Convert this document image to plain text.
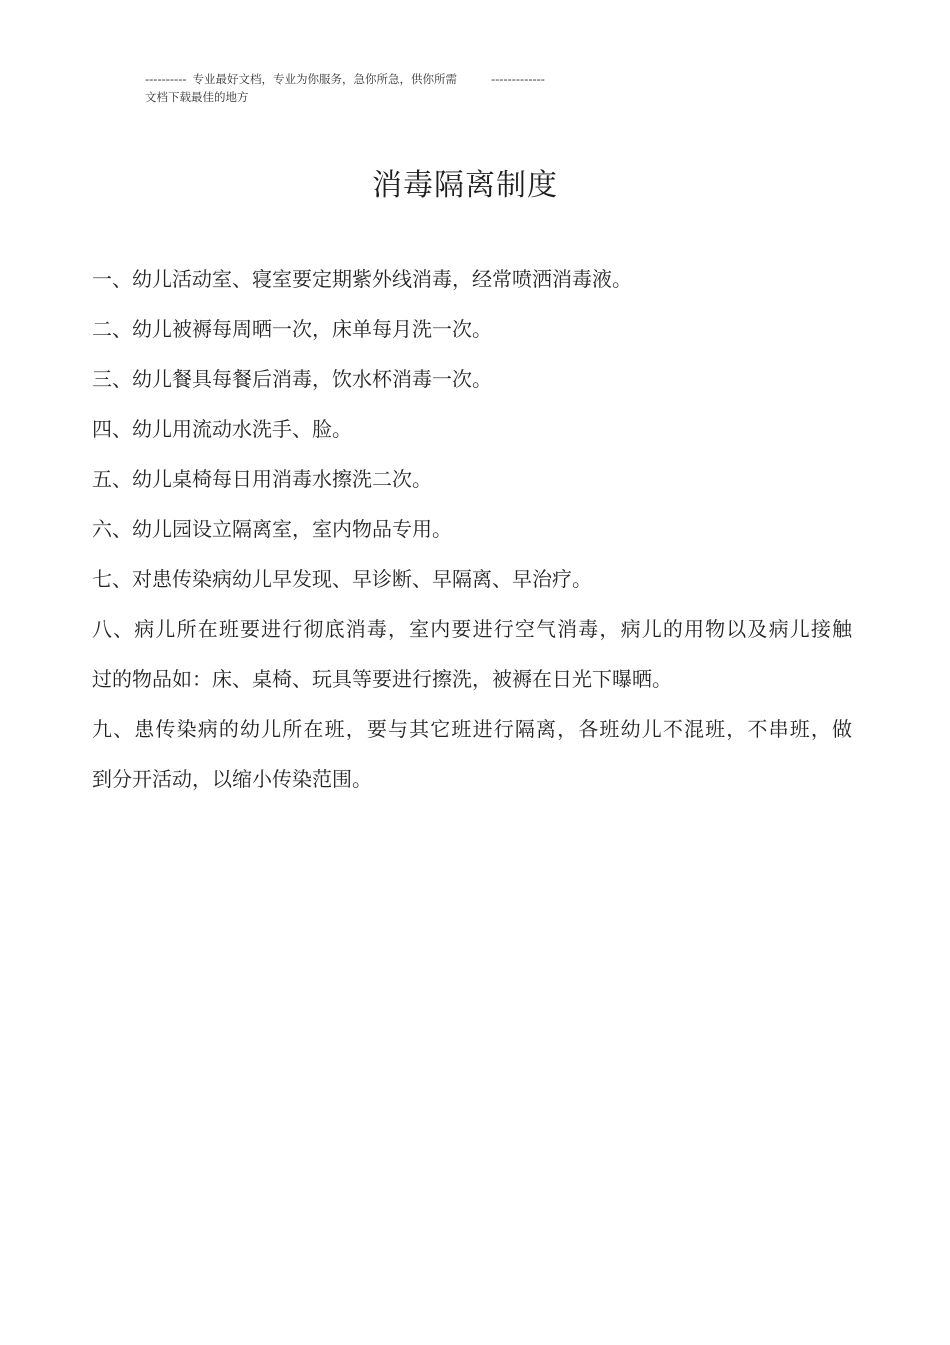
---------- 专业最好文档，专业为你服务，急你所急，供你所需	-------------
文档下载最佳的地方
消毒隔离制度
一、幼儿活动室、寝室要定期紫外线消毒，经常喷洒消毒液。
二、幼儿被褥每周晒一次，床单每月洗一次。
三、幼儿餐具每餐后消毒，饮水杯消毒一次。
四、幼儿用流动水洗手、脸。
五、幼儿桌椅每日用消毒水擦洗二次。
六、幼儿园设立隔离室，室内物品专用。
七、对患传染病幼儿早发现、早诊断、早隔离、早治疗。
八、病儿所在班要进行彻底消毒，室内要进行空气消毒，病儿的用物以及病儿接触
过的物品如：床、桌椅、玩具等要进行擦洗，被褥在日光下曝晒。
九、患传染病的幼儿所在班，要与其它班进行隔离，各班幼儿不混班，不串班，做
到分开活动，以缩小传染范围。
